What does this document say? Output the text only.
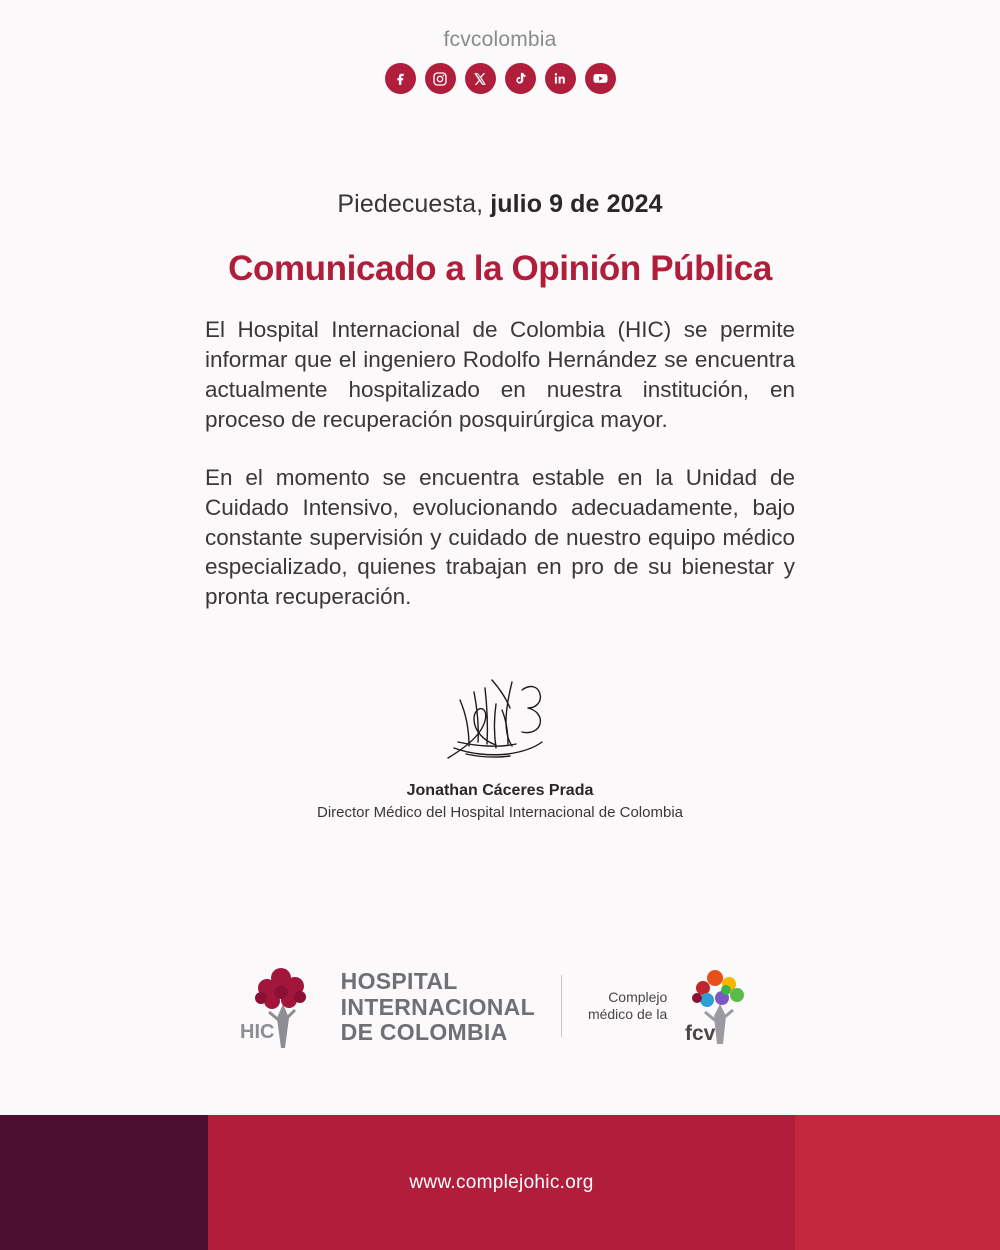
fcvcolombia
Piedecuesta, julio 9 de 2024
Comunicado a la Opinión Pública

El Hospital Internacional de Colombia (HIC) se permite informar que el ingeniero Rodolfo Hernández se encuentra actualmente hospitalizado en nuestra institución, en proceso de recuperación posquirúrgica mayor.

En el momento se encuentra estable en la Unidad de Cuidado Intensivo, evolucionando adecuadamente, bajo constante supervisión y cuidado de nuestro equipo médico especializado, quienes trabajan en pro de su bienestar y pronta recuperación.

Jonathan Cáceres Prada
Director Médico del Hospital Internacional de Colombia
HIC
HOSPITAL
INTERNACIONAL
DE COLOMBIA
Complejo
médico de la
fcv
www.complejohic.org
